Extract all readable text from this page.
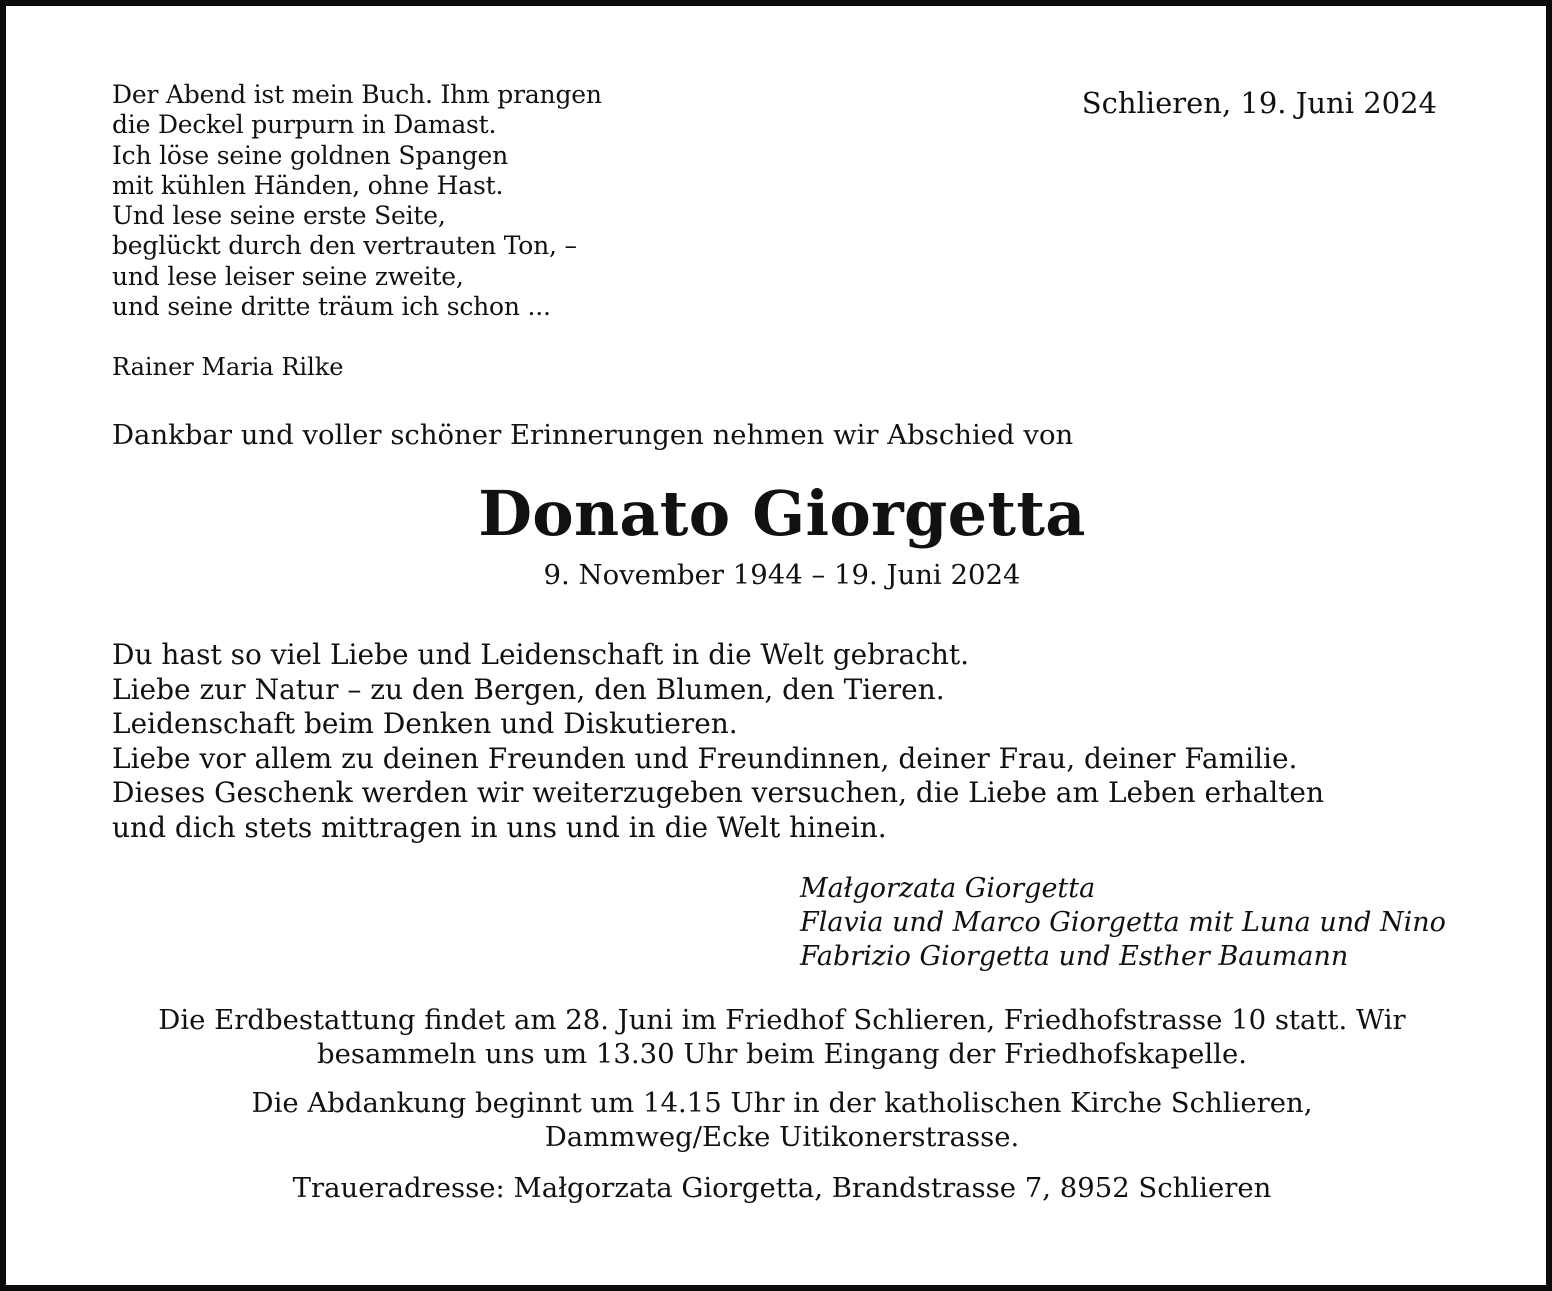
Der Abend ist mein Buch. Ihm prangen
die Deckel purpurn in Damast.
Ich löse seine goldnen Spangen
mit kühlen Händen, ohne Hast.
Und lese seine erste Seite,
beglückt durch den vertrauten Ton, –
und lese leiser seine zweite,
und seine dritte träum ich schon ...
Rainer Maria Rilke
Schlieren, 19. Juni 2024
Dankbar und voller schöner Erinnerungen nehmen wir Abschied von
Donato Giorgetta
9. November 1944 – 19. Juni 2024
Du hast so viel Liebe und Leidenschaft in die Welt gebracht.
Liebe zur Natur – zu den Bergen, den Blumen, den Tieren.
Leidenschaft beim Denken und Diskutieren.
Liebe vor allem zu deinen Freunden und Freundinnen, deiner Frau, deiner Familie.
Dieses Geschenk werden wir weiterzugeben versuchen, die Liebe am Leben erhalten
und dich stets mittragen in uns und in die Welt hinein.
Małgorzata Giorgetta
Flavia und Marco Giorgetta mit Luna und Nino
Fabrizio Giorgetta und Esther Baumann
Die Erdbestattung findet am 28. Juni im Friedhof Schlieren, Friedhofstrasse 10 statt. Wir
besammeln uns um 13.30 Uhr beim Eingang der Friedhofskapelle.
Die Abdankung beginnt um 14.15 Uhr in der katholischen Kirche Schlieren,
Dammweg/Ecke Uitikonerstrasse.
Traueradresse: Małgorzata Giorgetta, Brandstrasse 7, 8952 Schlieren
